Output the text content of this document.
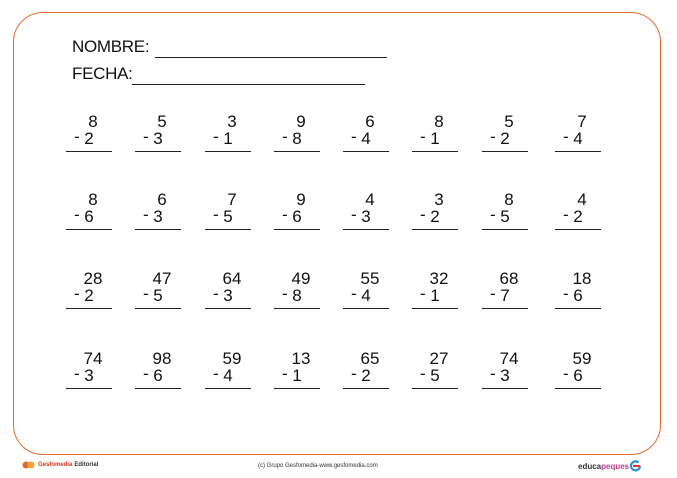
NOMBRE:
FECHA:
8
- 2
5
- 3
3
- 1
9
- 8
6
- 4
8
- 1
5
- 2
7
- 4
8
- 6
6
- 3
7
- 5
9
- 6
4
- 3
3
- 2
8
- 5
4
- 2
28
- 2
47
- 5
64
- 3
49
- 8
55
- 4
32
- 1
68
- 7
18
- 6
74
- 3
98
- 6
59
- 4
13
- 1
65
- 2
27
- 5
74
- 3
59
- 6
Gesfomedia Editorial	(c) Grupo Gesfomedia-www.gesfomedia.com	educa peques
